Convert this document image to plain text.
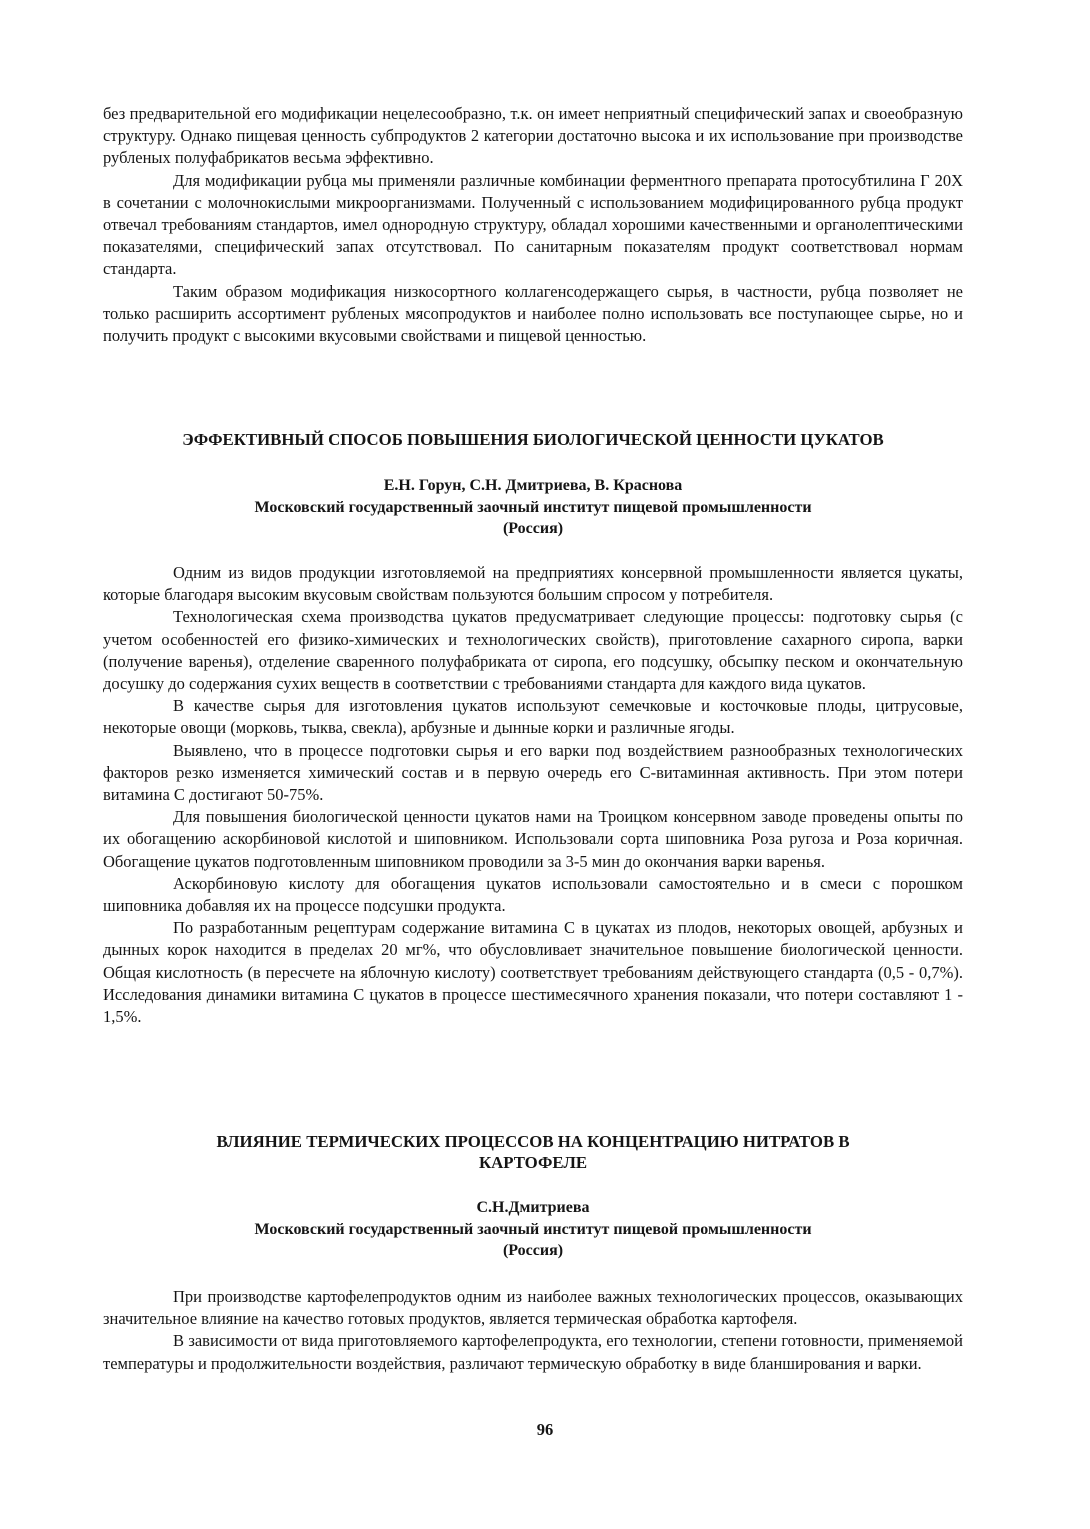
без предварительной его модификации нецелесообразно, т.к. он имеет неприятный специфический запах и своеобразную структуру. Однако пищевая ценность субпродуктов 2 категории достаточно высока и их использование при производстве рубленых полуфабрикатов весьма эффективно.

Для модификации рубца мы применяли различные комбинации ферментного препарата протосубтилина Г 20Х в сочетании с молочнокислыми микроорганизмами. Полученный с использованием модифицированного рубца продукт отвечал требованиям стандартов, имел однородную структуру, обладал хорошими качественными и органолептическими показателями, специфический запах отсутствовал. По санитарным показателям продукт соответствовал нормам стандарта.

Таким образом модификация низкосортного коллагенсодержащего сырья, в частности, рубца позволяет не только расширить ассортимент рубленых мясопродуктов и наиболее полно использовать все поступающее сырье, но и получить продукт с высокими вкусовыми свойствами и пищевой ценностью.

ЭФФЕКТИВНЫЙ СПОСОБ ПОВЫШЕНИЯ БИОЛОГИЧЕСКОЙ ЦЕННОСТИ ЦУКАТОВ
Е.Н. Горун, С.Н. Дмитриева, В. Краснова
Московский государственный заочный институт пищевой промышленности
(Россия)

Одним из видов продукции изготовляемой на предприятиях консервной промышленности является цукаты, которые благодаря высоким вкусовым свойствам пользуются большим спросом у потребителя.

Технологическая схема производства цукатов предусматривает следующие процессы: подготовку сырья (с учетом особенностей его физико-химических и технологических свойств), приготовление сахарного сиропа, варки (получение варенья), отделение сваренного полуфабриката от сиропа, его подсушку, обсыпку песком и окончательную досушку до содержания сухих веществ в соответствии с требованиями стандарта для каждого вида цукатов.

В качестве сырья для изготовления цукатов используют семечковые и косточковые плоды, цитрусовые, некоторые овощи (морковь, тыква, свекла), арбузные и дынные корки и различные ягоды.

Выявлено, что в процессе подготовки сырья и его варки под воздействием разнообразных технологических факторов резко изменяется химический состав и в первую очередь его С-витаминная активность. При этом потери витамина С достигают 50-75%.

Для повышения биологической ценности цукатов нами на Троицком консервном заводе проведены опыты по их обогащению аскорбиновой кислотой и шиповником. Использовали сорта шиповника Роза ругоза и Роза коричная. Обогащение цукатов подготовленным шиповником проводили за 3-5 мин до окончания варки варенья.

Аскорбиновую кислоту для обогащения цукатов использовали самостоятельно и в смеси с порошком шиповника добавляя их на процессе подсушки продукта.

По разработанным рецептурам содержание витамина С в цукатах из плодов, некоторых овощей, арбузных и дынных корок находится в пределах 20 мг%, что обусловливает значительное повышение биологической ценности. Общая кислотность (в пересчете на яблочную кислоту) соответствует требованиям действующего стандарта (0,5 - 0,7%). Исследования динамики витамина С цукатов в процессе шестимесячного хранения показали, что потери составляют 1 - 1,5%.

ВЛИЯНИЕ ТЕРМИЧЕСКИХ ПРОЦЕССОВ НА КОНЦЕНТРАЦИЮ НИТРАТОВ В
КАРТОФЕЛЕ
С.Н.Дмитриева
Московский государственный заочный институт пищевой промышленности
(Россия)

При производстве картофелепродуктов одним из наиболее важных технологических процессов, оказывающих значительное влияние на качество готовых продуктов, является термическая обработка картофеля.

В зависимости от вида приготовляемого картофелепродукта, его технологии, степени готовности, применяемой температуры и продолжительности воздействия, различают термическую обработку в виде бланширования и варки.

96
